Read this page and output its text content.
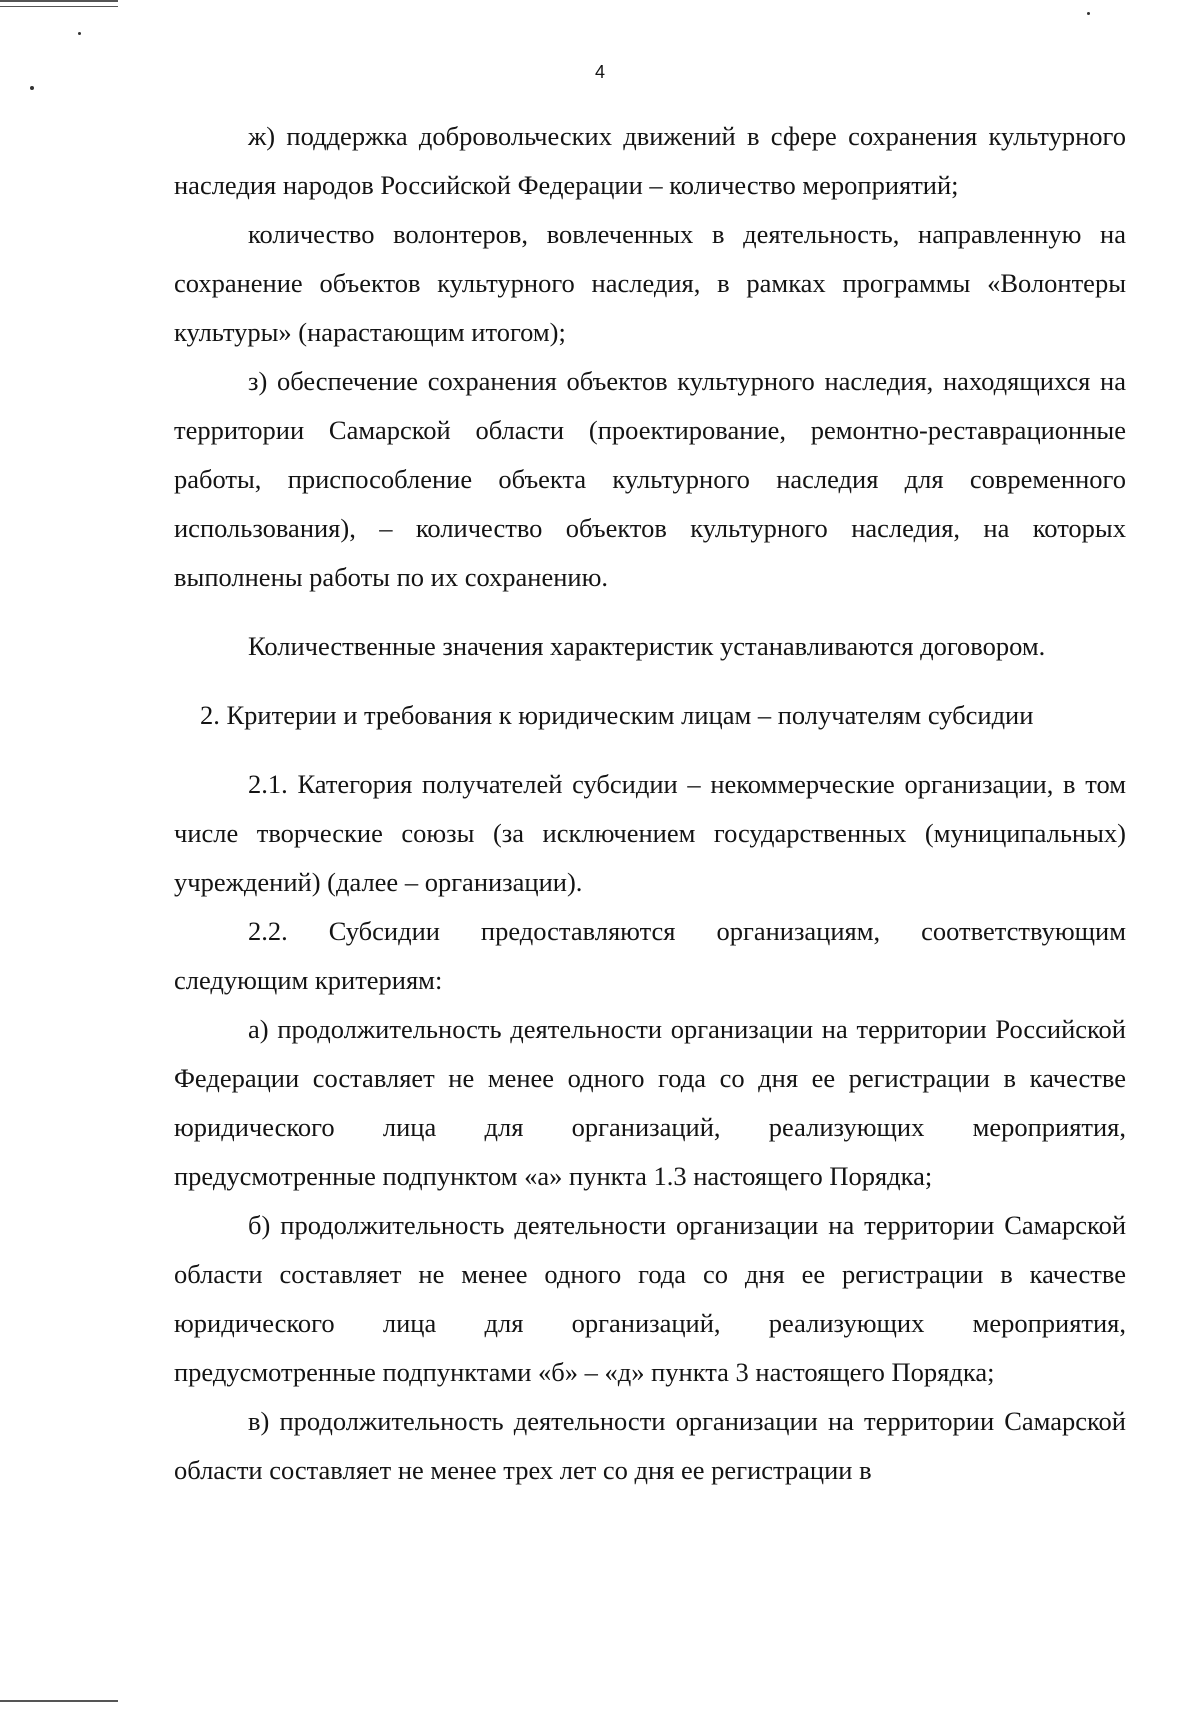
4

ж) поддержка добровольческих движений в сфере сохранения культурного наследия народов Российской Федерации – количество мероприятий;

количество волонтеров, вовлеченных в деятельность, направленную на сохранение объектов культурного наследия, в рамках программы «Волонтеры культуры» (нарастающим итогом);

з) обеспечение сохранения объектов культурного наследия, находящихся на территории Самарской области (проектирование, ремонтно-реставрационные работы, приспособление объекта культурного наследия для современного использования), – количество объектов культурного наследия, на которых выполнены работы по их сохранению.

Количественные значения характеристик устанавливаются договором.

2. Критерии и требования к юридическим лицам – получателям субсидии

2.1. Категория получателей субсидии – некоммерческие организации, в том числе творческие союзы (за исключением государственных (муниципальных) учреждений) (далее – организации).

2.2. Субсидии предоставляются организациям, соответствующим следующим критериям:

а) продолжительность деятельности организации на территории Российской Федерации составляет не менее одного года со дня ее регистрации в качестве юридического лица для организаций, реализующих мероприятия, предусмотренные подпунктом «а» пункта 1.3 настоящего Порядка;

б) продолжительность деятельности организации на территории Самарской области составляет не менее одного года со дня ее регистрации в качестве юридического лица для организаций, реализующих мероприятия, предусмотренные подпунктами «б» – «д» пункта 3 настоящего Порядка;

в) продолжительность деятельности организации на территории Самарской области составляет не менее трех лет со дня ее регистрации в
